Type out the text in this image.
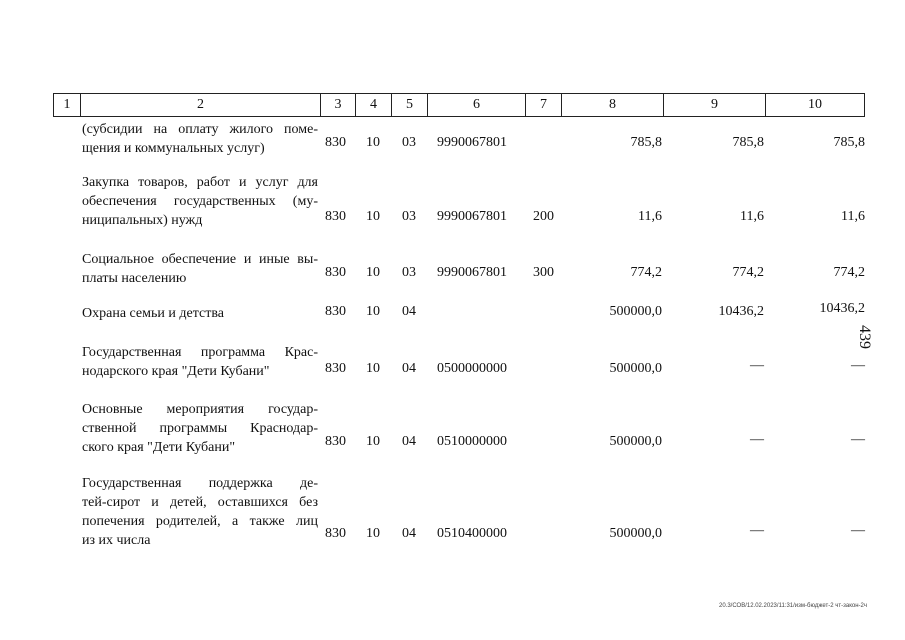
1	2	3	4	5	6	7	8	9	10
(субсидии на оплату жилого поме-
щения и коммунальных услуг)	830 10 03 9990067801	785,8	785,8	785,8
Закупка товаров, работ и услуг для
обеспечения государственных (му-
ниципальных) нужд	830 10 03 9990067801 200	11,6	11,6	11,6
Социальное обеспечение и иные вы-
платы населению	830 10 03 9990067801 300	774,2	774,2	774,2
Охрана семьи и детства	830 10 04	500000,0	10436,2	10436,2
Государственная программа Крас-
нодарского края "Дети Кубани"	830 10 04 0500000000	500000,0	—	—
Основные мероприятия государ-
ственной программы Краснодар-
ского края "Дети Кубани"	830 10 04 0510000000	500000,0	—	—
Государственная поддержка де-
тей-сирот и детей, оставшихся без
попечения родителей, а также лиц
из их числа	830 10 04 0510400000	500000,0	—	—
439
20.3/СОВ/12.02.2023/11:31/изм-бюджет-2 чт-закон-2ч
